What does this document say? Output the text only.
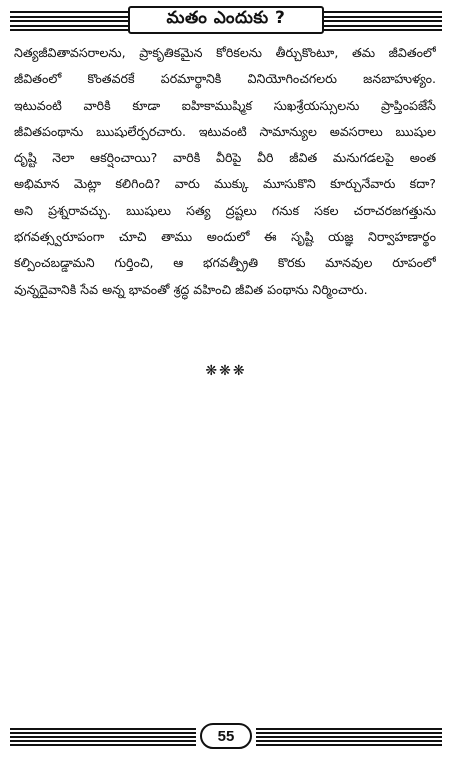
మతం ఎందుకు ?
నిత్యజీవితావసరాలను, ప్రాకృతికమైన కోరికలను తీర్చుకొంటూ, తమ జీవితంలో
జీవితంలో కొంతవరకే పరమార్థానికి వినియోగించగలరు జనబాహుళ్యం.
ఇటువంటి వారికి కూడా ఐహికాముష్మిక సుఖశ్రేయస్సులను ప్రాప్తింపజేసే
జీవితపంథాను ఋషులేర్పరచారు. ఇటువంటి సామాన్యుల అవసరాలు ఋషుల
దృష్టి నెలా ఆకర్షించాయి? వారికి వీరిపై వీరి జీవిత మనుగడలపై అంత
అభిమాన మెట్లా కలిగింది? వారు ముక్కు మూసుకొని కూర్చునేవారు కదా?
అని ప్రశ్నరావచ్చు. ఋషులు సత్య ద్రష్టలు గనుక సకల చరాచరజగత్తును
భగవత్స్వరూపంగా చూచి తాము అందులో ఈ సృష్టి యజ్ఞ నిర్వాహణార్థం
కల్పించబడ్డామని గుర్తించి, ఆ భగవత్ప్రీతి కొరకు మానవుల రూపంలో
వున్నదైవానికి సేవ అన్న భావంతో శ్రద్ధ వహించి జీవిత పంథాను నిర్మించారు.
❋ ❋ ❋
55
